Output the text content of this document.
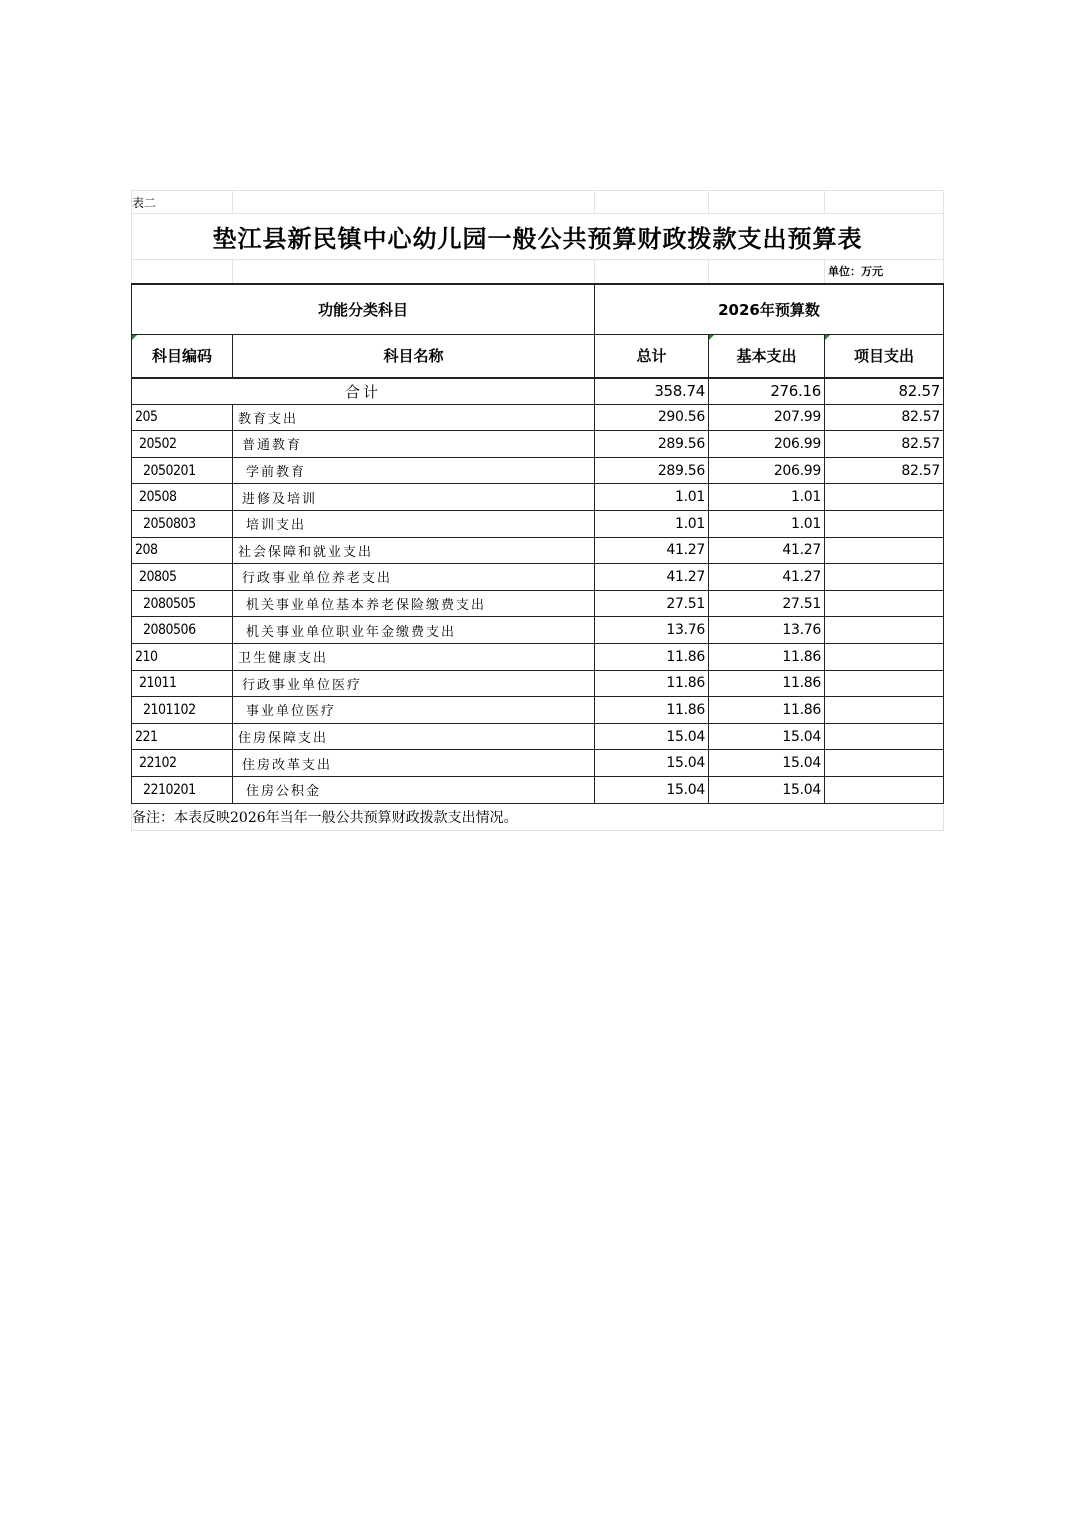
表二				
垫江县新民镇中心幼儿园一般公共预算财政拨款支出预算表				
				单位：万元
功能分类科目		2026年预算数		
科目编码	科目名称	总计	基本支出	项目支出
合计		358.74	276.16	82.57
205	教育支出	290.56	207.99	82.57
20502	普通教育	289.56	206.99	82.57
2050201	学前教育	289.56	206.99	82.57
20508	进修及培训	1.01	1.01	
2050803	培训支出	1.01	1.01	
208	社会保障和就业支出	41.27	41.27	
20805	行政事业单位养老支出	41.27	41.27	
2080505	机关事业单位基本养老保险缴费支出	27.51	27.51	
2080506	机关事业单位职业年金缴费支出	13.76	13.76	
210	卫生健康支出	11.86	11.86	
21011	行政事业单位医疗	11.86	11.86	
2101102	事业单位医疗	11.86	11.86	
221	住房保障支出	15.04	15.04	
22102	住房改革支出	15.04	15.04	
2210201	住房公积金	15.04	15.04	
备注：本表反映2026年当年一般公共预算财政拨款支出情况。				
